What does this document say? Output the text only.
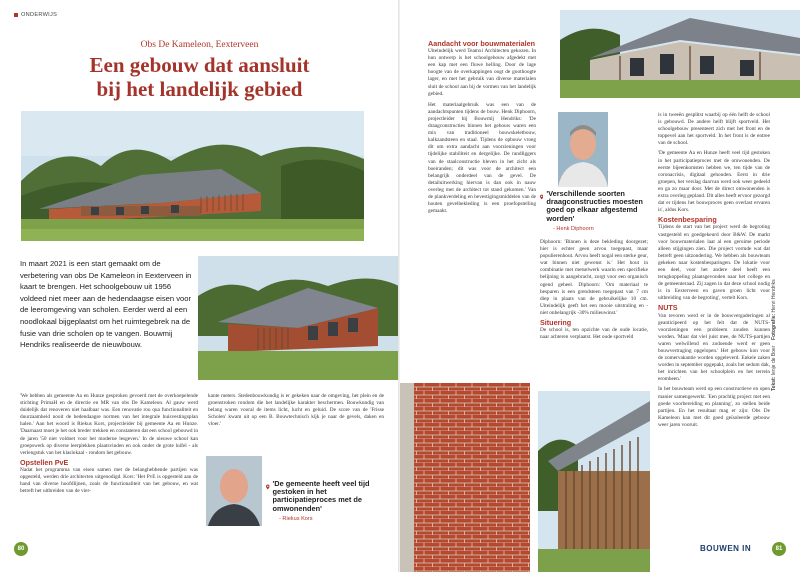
ONDERWIJS
Obs De Kameleon, Eexterveen
Een gebouw dat aansluit
bij het landelijk gebied
In maart 2021 is een start gemaakt om de verbetering van obs De Kameleon in Eexterveen in kaart te brengen. Het schoolgebouw uit 1956 voldeed niet meer aan de hedendaagse eisen voor de leeromgeving van scholen. Eerder werd al een noodlokaal bijgeplaatst om het ruimtegebrek na de fusie van drie scholen op te vangen. Bouwmij Hendriks realiseerde de nieuwbouw.

'We hebben als gemeente Aa en Hunze gesproken gevoerd met de overkoepelende stichting PrimaH en de directie en MR van obs De Kameleon. Al gauw werd duidelijk dat renoveren niet haalbaar was. Een renovatie rou qua functionaliteit en duurzaamheid nooit de hedendaagse normen van het integrale huisvestingsplan halen.' Aan het woord is Riekus Kors, projectleider bij gemeente Aa en Hunze. 'Daarnaast moet je het ook breder trekken en constateren dat een school gebouwd in de jaren '50 niet voldoet voor het moderne lesgeven.' In de nieuwe school kan groepswerk op diverse leerplekken plaatsvinden en ook onder de grote luifel - als verlengstuk van het klaslokaal - rondom het gebouw.

Opstellen PvE

Nadat het programma van eisen samen met de belanghebbende partijen was opgesteld, werden drie architecten uitgenodigd. Kors: 'Het PvE is opgesteld aan de hand van diverse hoofdlijnen, zoals de functionaliteit van het gebouw, en wat betreft het uitbreiden van de vier-

kante meters. Stedenbouwkundig is er gekeken naar de omgeving, het plein en de groenstroken rondom die het landelijke karakter beschermen. Bouwkundig van belang waren vooral de items licht, lucht en geluid. De score van de 'Frisse Scholen' kwam uit op een B. Bouwtechnisch kijk je naar de gevels, daken en vloer.'

'De gemeente heeft veel tijd gestoken in het participatieproces met de omwonenden'
- Riekus Kors
80
Aandacht voor bouwmaterialen

Uiteindelijk werd Teamxi Architecten gekozen. In hun ontwerp is het schoolgebouw afgedekt met een kap met een fluwe helling. Door de lage hoogte van de overkappingen oogt de goothoogte lager, en met het gebruik van diverse materialen sluit de school aan bij de vormen van het landelijk gebied.

Het materiaalgebruik was een van de aandachtspunten tijdens de bouw. Henk Diphoorn, projectleider bij Bouwmij Hendriks: 'De draagconstructies binnen het gebouw waren een mix van traditioneel bouwskeletbouw, kalkzandsteen en staal. Tijdens de opbouw vroeg dit om extra aandacht aan voorzieningen voor tijdelijke stabiliteit en dergelijke. De randliggers van de staalconstructie bleven in het zicht als boeiranden; dit was voor de architect een belangrijk onderdeel van de gevel. De detailuitwerking hiervan is dan ook in nauw overleg met de architect tot stand gekomen.' Van de plankverdeling en bevestigingsmiddelen van de houten gevelbekleding is een proefopstelling gemaakt.

'Verschillende soorten draagconstructies moesten goed op elkaar afgestemd worden'
- Henk Diphoorn

Diphoorn: 'Binnen is deze bekleding doorgezet; hier is echter geen arvou toegepast, maar populierenhout. Arvou heeft nogal een sterke geur, wat binnen niet gewenst is.' Het hout in combinatie met metselwerk waarin een specifieke belijning is aangebracht, zorgt voor een organisch ogend geheel. Diphoorn: 'Om materiaal te besparen is een grendsteen toegepast van 7 cm diep in plaats van de gebruikelijke 10 cm. Uiteindelijk geeft het een mooie uitstraling en - niet onbelangrijk -30% milieuwinst.'

Situering

De school is, ten opzichte van de oude locatie, naar achteren verplaatst. Het oude sportveld

is in tweeën gesplitst waarbij op één helft de school is gebouwd. De andere helft blijft sportveld. Het schoolgebouw presenteert zich met het front en de toppevel aan het sportveld. In het front is de entree van de school.

'De gemeente Aa en Hunze heeft veel tijd gestoken in het participatieproces met de omwonenden. De eerste bijeenkomsten hebben we, ten tijde van de coronacrisis, digitaal gehouden. Eerst in drie groepen, het verslag daarvan werd ook weer gedeeld en ga zo maar door. Met de direct omwonenden is extra overleg gepland. Dit alles heeft ervoor gezorgd dat er tijdens het bouwproces geen overlast ervaren is', aldus Kors.

Kostenbesparing

Tijdens de start van het project werd de begroting vastgesteld en goedgekeurd door B&W. De markt voor bouwmaterialen laat al een geruime periode alleen stijgingen zien. Die project vormde wat dat betreft geen uitzondering. We hebben als bouwteam gekeken naar kostenbesparingen. De lokatie voor een deel, voor het andere deel heeft een terugkoppeling plaatsgevonden naar het college en de gemeenteraad. Zij zagen in dat deze school nodig is in Eexterveen en gaven groen licht voor uitbreiding van de begroting', vertelt Kors.

NUTS

Van tevoren werd er in de bouwvergaderingen al geanticipeerd op het feit dat de NUTS-voorzieningen een probleem zouden kunnen worden. 'Maar dat viel juist mee, de NUTS-partijen waren welwillend en zodoende werd er geen bouwvertraging opgelopen.' Het gebouw kon voor de zomervakantie worden opgeleverd. Enkele zaken worden in september opgepakt, zoals het sedum dak, het inrichten van het schoolplein en het terrein eromheen.'

In het bouwteam werd op een constructieve en open manier samengewerkt. 'Een prachtig project met een goede voorbereiding en planning', zo stellen beide partijen. En het resultaat mag er zijn: Obs De Kameleon kan met dit goed geïsoleerde gebouw weer jaren vooruit.

Tekst: Ienje de Boer    Fotografie: Henri Hendriks
BOUWEN IN	81
